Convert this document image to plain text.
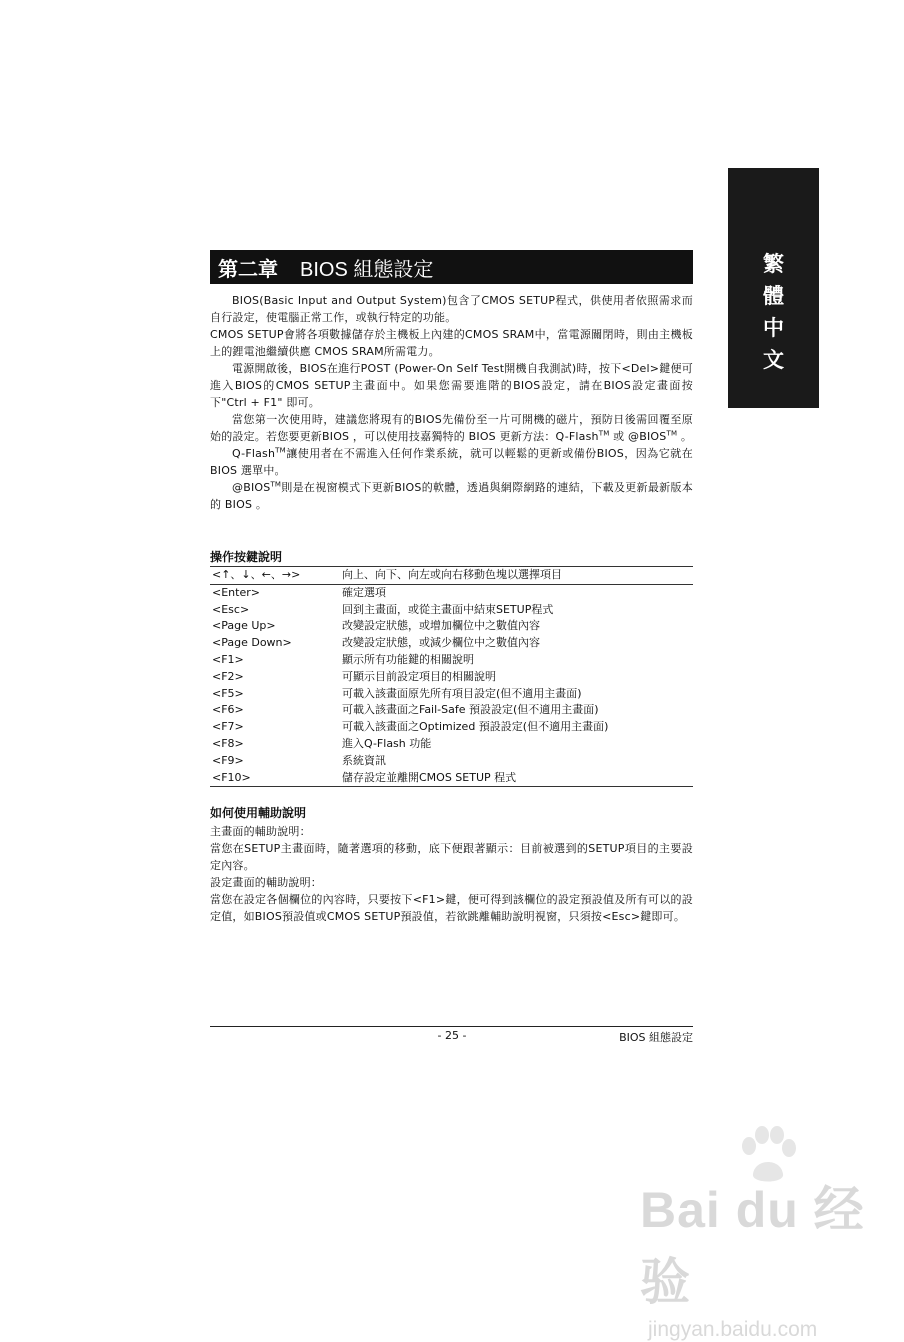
繁
體
中
文
第二章 BIOS 組態設定

BIOS(Basic Input and Output System)包含了CMOS SETUP程式，供使用者依照需求而自行設定，使電腦正常工作，或執行特定的功能。

CMOS SETUP會將各項數據儲存於主機板上內建的CMOS SRAM中，當電源關閉時，則由主機板上的鋰電池繼續供應 CMOS SRAM所需電力。

電源開啟後，BIOS在進行POST (Power-On Self Test開機自我測試)時，按下<Del>鍵便可進入BIOS的CMOS SETUP主畫面中。如果您需要進階的BIOS設定，請在BIOS設定畫面按下"Ctrl + F1" 即可。

當您第一次使用時，建議您將現有的BIOS先備份至一片可開機的磁片，預防日後需回覆至原始的設定。若您要更新BIOS ，可以使用技嘉獨特的 BIOS 更新方法：Q-Flash™ 或 @BIOS™ 。

Q-Flash™讓使用者在不需進入任何作業系統，就可以輕鬆的更新或備份BIOS，因為它就在 BIOS 選單中。

@BIOS™則是在視窗模式下更新BIOS的軟體，透過與網際網路的連結，下載及更新最新版本的 BIOS 。

操作按鍵說明
<↑、↓、←、→>	向上、向下、向左或向右移動色塊以選擇項目
<Enter>	確定選項
<Esc>	回到主畫面，或從主畫面中結束SETUP程式
<Page Up>	改變設定狀態，或增加欄位中之數值內容
<Page Down>	改變設定狀態，或減少欄位中之數值內容
<F1>	顯示所有功能鍵的相關說明
<F2>	可顯示目前設定項目的相關說明
<F5>	可載入該畫面原先所有項目設定(但不適用主畫面)
<F6>	可載入該畫面之Fail-Safe 預設設定(但不適用主畫面)
<F7>	可載入該畫面之Optimized 預設設定(但不適用主畫面)
<F8>	進入Q-Flash 功能
<F9>	系統資訊
<F10>	儲存設定並離開CMOS SETUP 程式
如何使用輔助說明

主畫面的輔助說明：

當您在SETUP主畫面時，隨著選項的移動，底下便跟著顯示：目前被選到的SETUP項目的主要設定內容。

設定畫面的輔助說明：

當您在設定各個欄位的內容時，只要按下<F1>鍵，便可得到該欄位的設定預設值及所有可以的設定值，如BIOS預設值或CMOS SETUP預設值，若欲跳離輔助說明視窗，只須按<Esc>鍵即可。

- 25 -	BIOS 組態設定
Bai du 经验
jingyan.baidu.com
